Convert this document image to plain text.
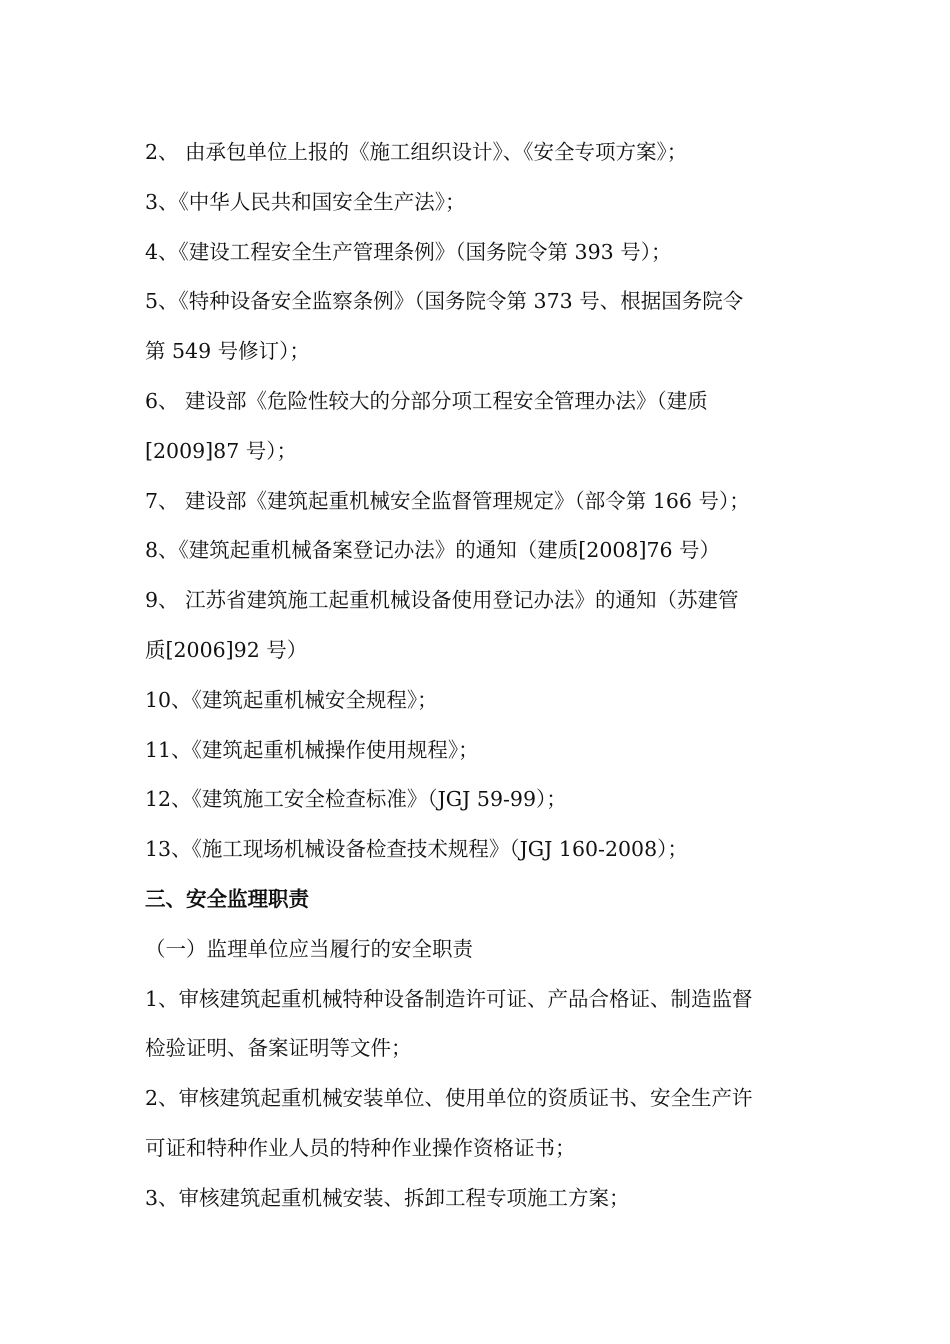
2、 由承包单位上报的《施工组织设计》、《安全专项方案》；
3、《中华人民共和国安全生产法》；
4、《建设工程安全生产管理条例》（国务院令第 393 号）；
5、《特种设备安全监察条例》（国务院令第 373 号、根据国务院令
第 549 号修订）；
6、 建设部《危险性较大的分部分项工程安全管理办法》（建质
[2009]87 号）；
7、 建设部《建筑起重机械安全监督管理规定》（部令第 166 号）；
8、《建筑起重机械备案登记办法》的通知（建质[2008]76 号）
9、 江苏省建筑施工起重机械设备使用登记办法》的通知（苏建管
质[2006]92 号）
10、《建筑起重机械安全规程》；
11、《建筑起重机械操作使用规程》；
12、《建筑施工安全检查标准》（JGJ 59-99）；
13、《施工现场机械设备检查技术规程》（JGJ 160-2008）；
三、安全监理职责
（一）监理单位应当履行的安全职责
1、审核建筑起重机械特种设备制造许可证、产品合格证、制造监督
检验证明、备案证明等文件；
2、审核建筑起重机械安装单位、使用单位的资质证书、安全生产许
可证和特种作业人员的特种作业操作资格证书；
3、审核建筑起重机械安装、拆卸工程专项施工方案；
